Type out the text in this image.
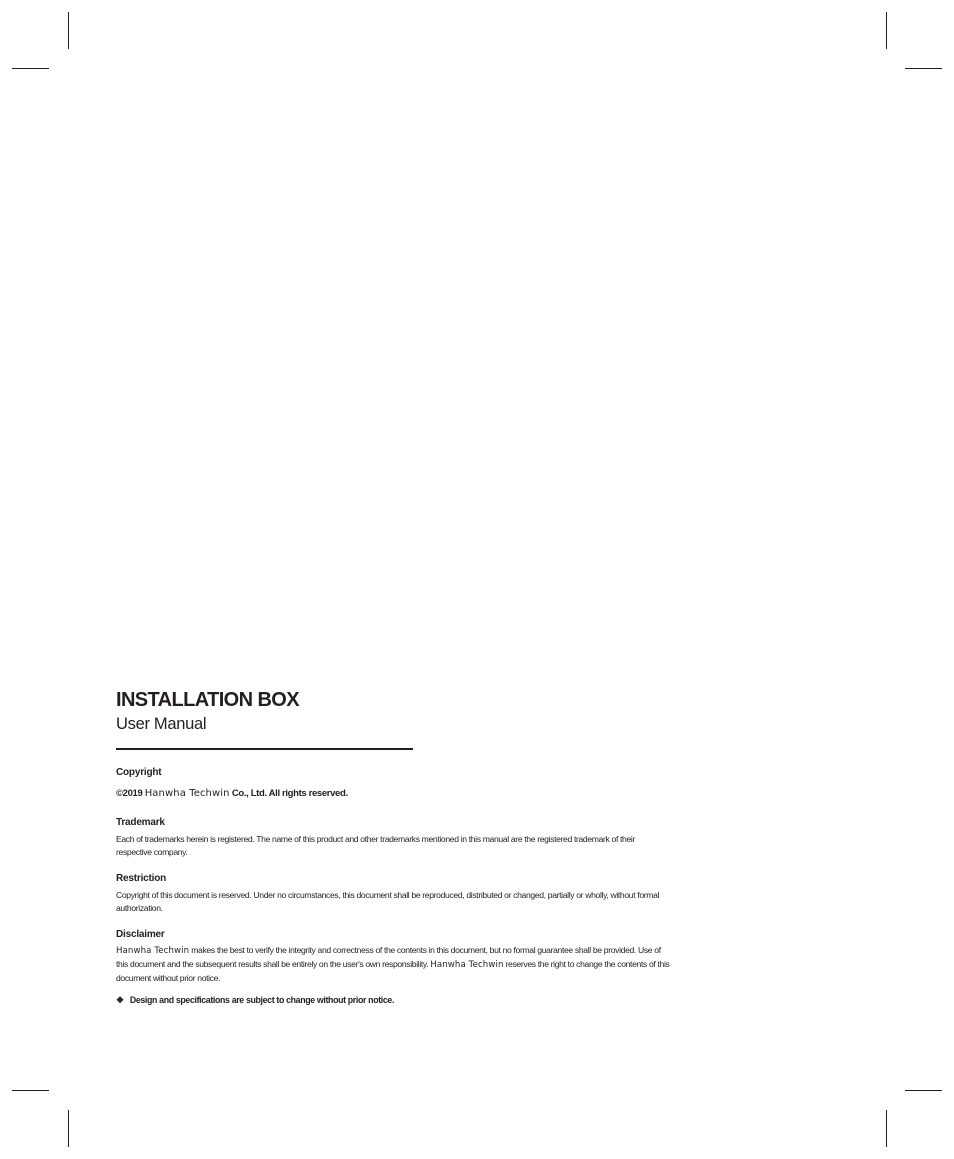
INSTALLATION BOX
User Manual
Copyright
©2019 Hanwha Techwin Co., Ltd. All rights reserved.
Trademark

Each of trademarks herein is registered. The name of this product and other trademarks mentioned in this manual are the registered trademark of their respective company.

Restriction

Copyright of this document is reserved. Under no circumstances, this document shall be reproduced, distributed or changed, partially or wholly, without formal authorization.

Disclaimer

Hanwha Techwin makes the best to verify the integrity and correctness of the contents in this document, but no formal guarantee shall be provided. Use of this document and the subsequent results shall be entirely on the user's own responsibility. Hanwha Techwin reserves the right to change the contents of this document without prior notice.

❖ Design and specifications are subject to change without prior notice.
